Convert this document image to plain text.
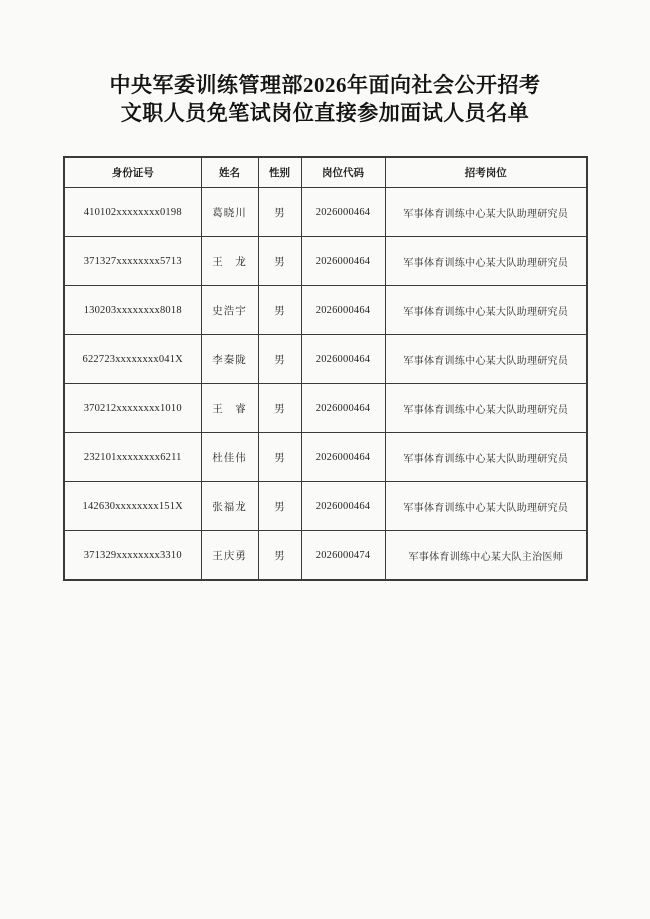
中央军委训练管理部2026年面向社会公开招考
文职人员免笔试岗位直接参加面试人员名单
身份证号	姓名	性别	岗位代码	招考岗位
410102xxxxxxxx0198	葛晓川	男	2026000464	军事体育训练中心某大队助理研究员
371327xxxxxxxx5713	王　龙	男	2026000464	军事体育训练中心某大队助理研究员
130203xxxxxxxx8018	史浩宇	男	2026000464	军事体育训练中心某大队助理研究员
622723xxxxxxxx041X	李秦陇	男	2026000464	军事体育训练中心某大队助理研究员
370212xxxxxxxx1010	王　睿	男	2026000464	军事体育训练中心某大队助理研究员
232101xxxxxxxx6211	杜佳伟	男	2026000464	军事体育训练中心某大队助理研究员
142630xxxxxxxx151X	张福龙	男	2026000464	军事体育训练中心某大队助理研究员
371329xxxxxxxx3310	王庆勇	男	2026000474	军事体育训练中心某大队主治医师
